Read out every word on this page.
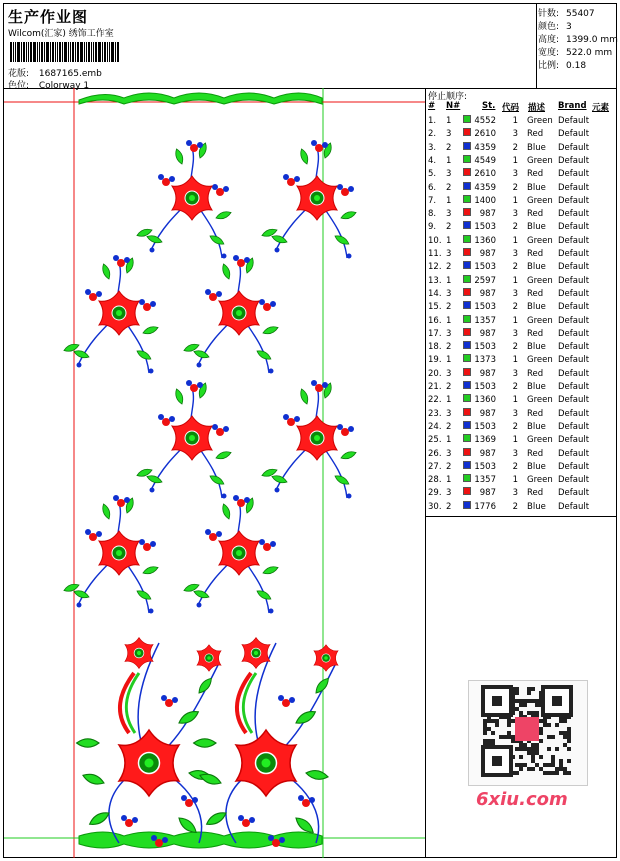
生产作业图
Wilcom(汇家) 绣饰工作室
花版: 1687165.emb
色位: Colorway 1
针数: 55407
颜色: 3
高度: 1399.0 mm
宽度: 522.0 mm
比例: 0.18
停止顺序:
# N#	St. 代码 描述 Brand 元素
1. 1	4552	1 Green Default
2. 3	2610	3 Red Default
3. 2	4359	2 Blue Default
4. 1	4549	1 Green Default
5. 3	2610	3 Red Default
6. 2	4359	2 Blue Default
7. 1	1400	1 Green Default
8. 3	987	3 Red Default
9. 2	1503	2 Blue Default
10. 1	1360	1 Green Default
11. 3	987	3 Red Default
12. 2	1503	2 Blue Default
13. 1	2597	1 Green Default
14. 3	987	3 Red Default
15. 2	1503	2 Blue Default
16. 1	1357	1 Green Default
17. 3	987	3 Red Default
18. 2	1503	2 Blue Default
19. 1	1373	1 Green Default
20. 3	987	3 Red Default
21. 2	1503	2 Blue Default
22. 1	1360	1 Green Default
23. 3	987	3 Red Default
24. 2	1503	2 Blue Default
25. 1	1369	1 Green Default
26. 3	987	3 Red Default
27. 2	1503	2 Blue Default
28. 1	1357	1 Green Default
29. 3	987	3 Red Default
30. 2	1776	2 Blue Default
6xiu.com
